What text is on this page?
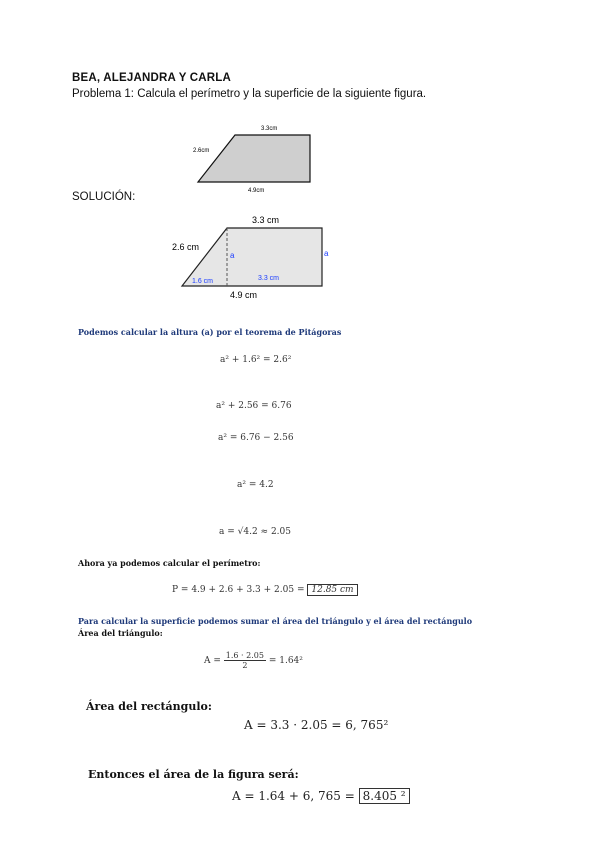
BEA, ALEJANDRA Y CARLA
Problema 1: Calcula el perímetro y la superficie de la siguiente figura.
3.3cm
2.6cm
4.9cm
SOLUCIÓN:
3.3 cm
2.6 cm
a	a
1.6 cm	3.3 cm
4.9 cm
Podemos calcular la altura (a) por el teorema de Pitágoras
a² + 1.6² = 2.6²
a² + 2.56 = 6.76
a² = 6.76 − 2.56
a² = 4.2
a = √4.2 ≈ 2.05
Ahora ya podemos calcular el perímetro:
P = 4.9 + 2.6 + 3.3 + 2.05 = 12.85 cm
Para calcular la superficie podemos sumar el área del triángulo y el área del rectángulo
Área del triángulo:
$A = \frac{1.6 \cdot 2.05}{2} = 1.64^2$
Área del rectángulo:
A = 3.3 · 2.05 = 6, 765²
Entonces el área de la figura será:
A = 1.64 + 6, 765 = 8.405 ²
